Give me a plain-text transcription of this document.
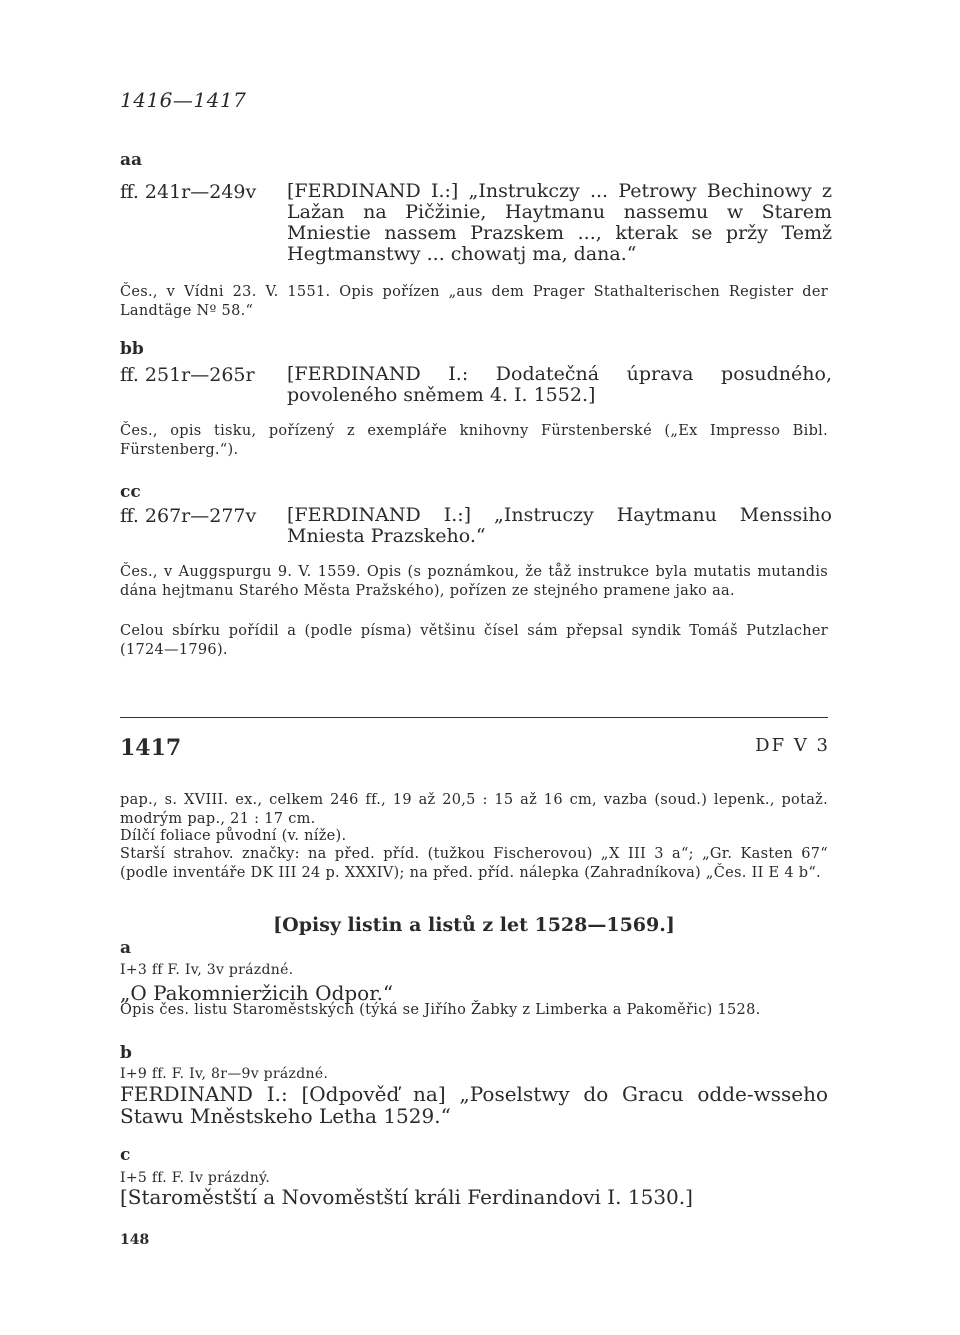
1416—1417
aa
ff. 241r—249v [FERDINAND I.:] „Instrukczy ... Petrowy Bechinowy z Lažan na Pičžinie, Haytmanu nassemu w Starem Mniestie nassem Prazskem ..., kterak se pržy Temž Hegtmanstwy ... chowatj ma, dana.“
Čes., v Vídni 23. V. 1551. Opis pořízen „aus dem Prager Stathalterischen Register der Landtäge Nº 58.“
bb
ff. 251r—265r [FERDINAND I.: Dodatečná úprava posudného, povoleného sněmem 4. I. 1552.]
Čes., opis tisku, pořízený z exempláře knihovny Fürstenberské („Ex Impresso Bibl. Fürstenberg.“).
cc
ff. 267r—277v [FERDINAND I.:] „Instruczy Haytmanu Menssiho Mniesta Prazskeho.“
Čes., v Auggspurgu 9. V. 1559. Opis (s poznámkou, že tåž instrukce byla mutatis mutandis dána hejtmanu Starého Města Pražského), pořízen ze stejného pramene jako aa.
Celou sbírku pořídil a (podle písma) většinu čísel sám přepsal syndik Tomáš Putzlacher (1724—1796).
1417	DF V 3
pap., s. XVIII. ex., celkem 246 ff., 19 až 20,5 : 15 až 16 cm, vazba (soud.) lepenk., potaž. modrým pap., 21 : 17 cm.
Dílčí foliace původní (v. níže).
Starší strahov. značky: na před. příd. (tužkou Fischerovou) „X III 3 a“; „Gr. Kasten 67“ (podle inventáře DK III 24 p. XXXIV); na před. příd. nálepka (Zahradníkova) „Čes. II E 4 b“.
[Opisy listin a listů z let 1528—1569.]
a
I+3 ff F. Iv, 3v prázdné.
„O Pakomnieržicih Odpor.“
Opis čes. listu Staroměstských (týká se Jiřího Žabky z Limberka a Pakoměřic) 1528.
b
I+9 ff. F. Iv, 8r—9v prázdné.
FERDINAND I.: [Odpověď na] „Poselstwy do Gracu odde-wsseho Stawu Mněstskeho Letha 1529.“
c
I+5 ff. F. Iv prázdný.
[Staroměstští a Novoměstští králi Ferdinandovi I. 1530.]
148
